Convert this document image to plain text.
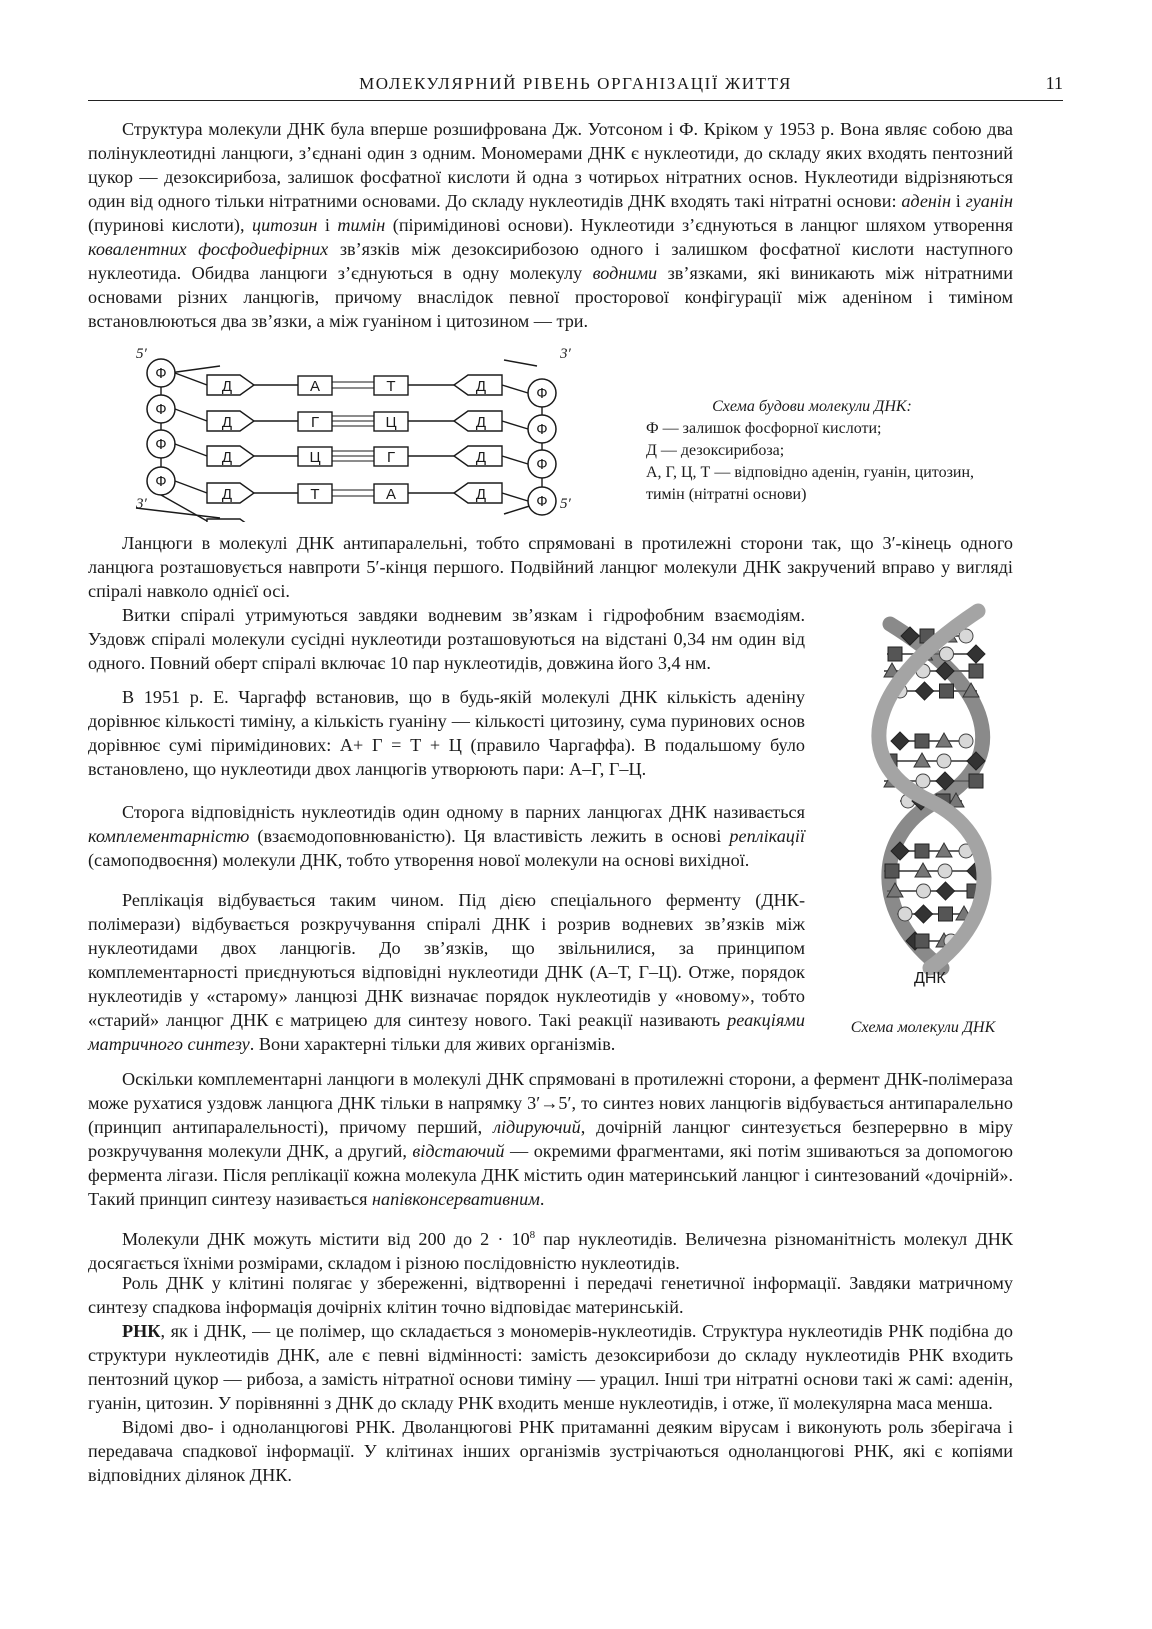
МОЛЕКУЛЯРНИЙ РІВЕНЬ ОРГАНІЗАЦІЇ ЖИТТЯ	11

Структура молекули ДНК була вперше розшифрована Дж. Уотсоном і Ф. Кріком у 1953 р. Вона являє собою два полінуклеотидні ланцюги, з’єднані один з одним. Мономерами ДНК є нуклеотиди, до складу яких входять пентозний цукор — дезоксирибоза, залишок фосфатної кислоти й одна з чотирьох нітратних основ. Нуклеотиди відрізняються один від одного тільки нітратними основами. До складу нуклеотидів ДНК входять такі нітратні основи: аденін і гуанін (пуринові кислоти), цитозин і тимін (піримідинові основи). Нуклеотиди з’єднуються в ланцюг шляхом утворення ковалентних фосфодиефірних зв’язків між дезоксирибозою одного і залишком фосфатної кислоти наступного нуклеотида. Обидва ланцюги з’єднуються в одну молекулу водними зв’язками, які виникають між нітратними основами різних ланцюгів, причому внаслідок певної просторової конфігурації між аденіном і тиміном встановлюються два зв’язки, а між гуаніном і цитозином — три.

Ф
Д	А	Т	Д	Ф
Ф
Д	Г	Ц	Д	Ф
Ф
Д	Ц	Г	Д	Ф
Ф
Д	Т	А	Д	Ф
5′	3′
3′	5′
Схема будови молекули ДНК:
Ф — залишок фосфорної кислоти;
Д — дезоксирибоза;
А, Г, Ц, Т — відповідно аденін, гуанін, цитозин, тимін (нітратні основи)

Ланцюги в молекулі ДНК антипаралельні, тобто спрямовані в протилежні сторони так, що 3′-кінець одного ланцюга розташовується навпроти 5′-кінця першого. Подвійний ланцюг молекули ДНК закручений вправо у вигляді спіралі навколо однієї осі.

Витки спіралі утримуються завдяки водневим зв’язкам і гідрофобним взаємодіям. Уздовж спіралі молекули сусідні нуклеотиди розташовуються на відстані 0,34 нм один від одного. Повний оберт спіралі включає 10 пар нуклеотидів, довжина його 3,4 нм.

В 1951 р. Е. Чаргафф встановив, що в будь-якій молекулі ДНК кількість аденіну дорівнює кількості тиміну, а кількість гуаніну — кількості цитозину, сума пуринових основ дорівнює сумі піримідинових: А+ Г = Т + Ц (правило Чаргаффа). В подальшому було встановлено, що нуклеотиди двох ланцюгів утворюють пари: А–Г, Г–Ц.

Сторога відповідність нуклеотидів один одному в парних ланцюгах ДНК називається комплементарністю (взаємодоповнюваністю). Ця властивість лежить в основі реплікації (самоподвоєння) молекули ДНК, тобто утворення нової молекули на основі вихідної.

Реплікація відбувається таким чином. Під дією спеціального ферменту (ДНК-полімерази) відбувається розкручування спіралі ДНК і розрив водневих зв’язків між нуклеотидами двох ланцюгів. До зв’язків, що звільнилися, за принципом комплементарності приєднуються відповідні нуклеотиди ДНК (А–Т, Г–Ц). Отже, порядок нуклеотидів у «старому» ланцюзі ДНК визначає порядок нуклеотидів у «новому», тобто «старий» ланцюг ДНК є матрицею для синтезу нового. Такі реакції називають реакціями матричного синтезу. Вони характерні тільки для живих організмів.

ДНК
Схема молекули ДНК

Оскільки комплементарні ланцюги в молекулі ДНК спрямовані в протилежні сторони, а фермент ДНК-полімераза може рухатися уздовж ланцюга ДНК тільки в напрямку 3′→5′, то синтез нових ланцюгів відбувається антипаралельно (принцип антипаралельності), причому перший, лідируючий, дочірній ланцюг синтезується безперервно в міру розкручування молекули ДНК, а другий, відстаючий — окремими фрагментами, які потім зшиваються за допомогою фермента лігази. Після реплікації кожна молекула ДНК містить один материнський ланцюг і синтезований «дочірній». Такий принцип синтезу називається напівконсервативним.

Молекули ДНК можуть містити від 200 до $2 \cdot 10^8$ пар нуклеотидів. Величезна різноманітність молекул ДНК досягається їхніми розмірами, складом і різною послідовністю нуклеотидів.

Роль ДНК у клітині полягає у збереженні, відтворенні і передачі генетичної інформації. Завдяки матричному синтезу спадкова інформація дочірніх клітин точно відповідає материнській.

РНК, як і ДНК, — це полімер, що складається з мономерів-нуклеотидів. Структура нуклеотидів РНК подібна до структури нуклеотидів ДНК, але є певні відмінності: замість дезоксирибози до складу нуклеотидів РНК входить пентозний цукор — рибоза, а замість нітратної основи тиміну — урацил. Інші три нітратні основи такі ж самі: аденін, гуанін, цитозин. У порівнянні з ДНК до складу РНК входить менше нуклеотидів, і отже, її молекулярна маса менша.

Відомі дво- і одноланцюгові РНК. Дволанцюгові РНК притаманні деяким вірусам і виконують роль зберігача і передавача спадкової інформації. У клітинах інших організмів зустрічаються одноланцюгові РНК, які є копіями відповідних ділянок ДНК.
